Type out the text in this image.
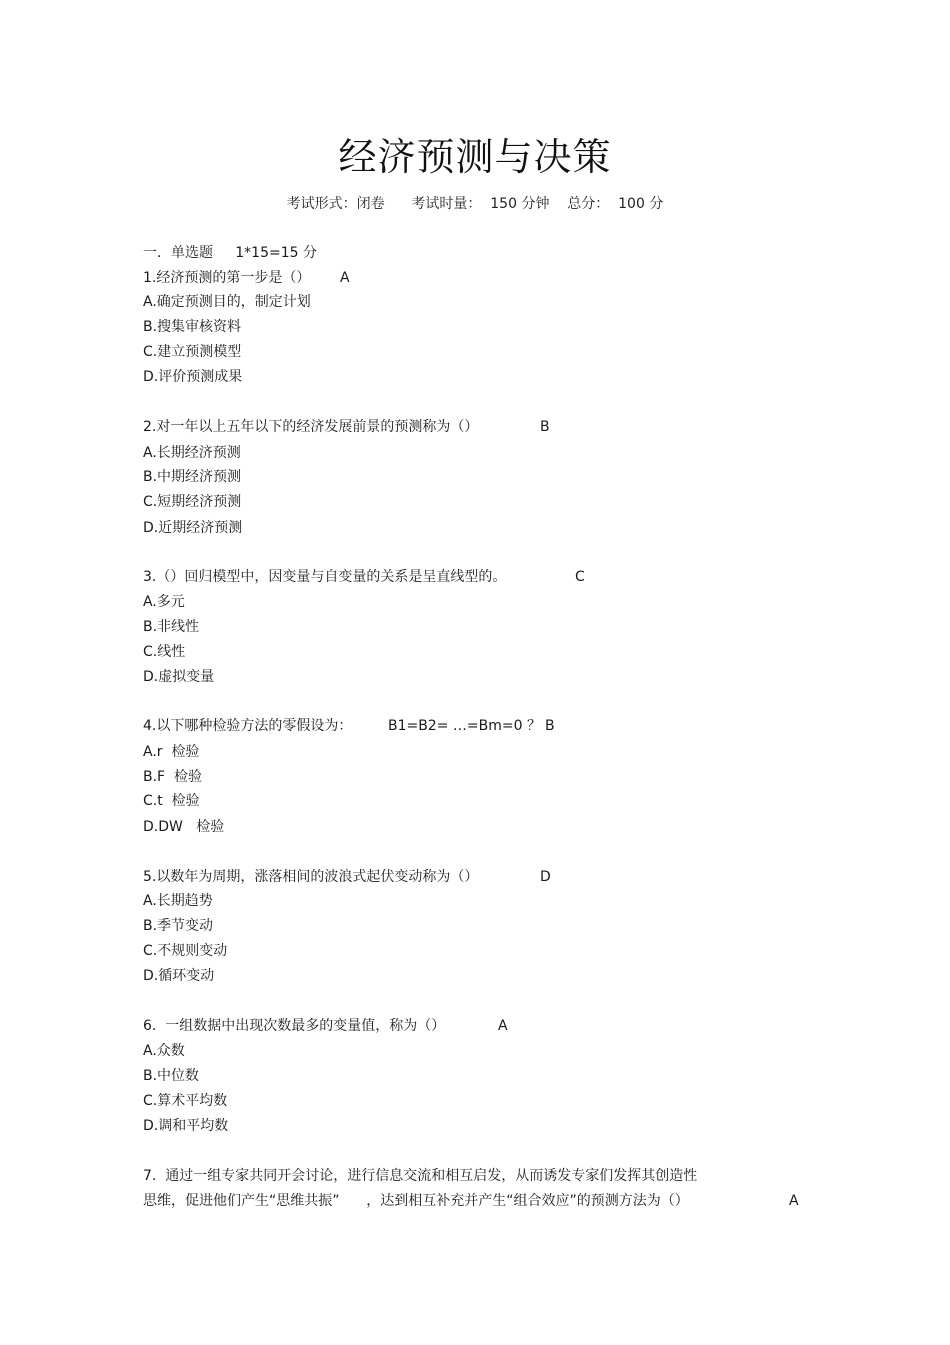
经济预测与决策
考试形式：闭卷      考试时量：  150 分钟    总分：  100 分
一．单选题     1*15=15 分
1.经济预测的第一步是（） A
A.确定预测目的，制定计划
B.搜集审核资料
C.建立预测模型
D.评价预测成果
2.对一年以上五年以下的经济发展前景的预测称为（）	B
A.长期经济预测
B.中期经济预测
C.短期经济预测
D.近期经济预测
3.（）回归模型中，因变量与自变量的关系是呈直线型的。	C
A.多元
B.非线性
C.线性
D.虚拟变量
4.以下哪种检验方法的零假设为：        B1=B2= …=Bm=0 ？ B
A.r  检验
B.F  检验
C.t  检验
D.DW   检验
5.以数年为周期，涨落相间的波浪式起伏变动称为（）	D
A.长期趋势
B.季节变动
C.不规则变动
D.循环变动
6.  一组数据中出现次数最多的变量值，称为（）	A
A.众数
B.中位数
C.算术平均数
D.调和平均数
7.  通过一组专家共同开会讨论，进行信息交流和相互启发，从而诱发专家们发挥其创造性
思维，促进他们产生“思维共振”      ，达到相互补充并产生“组合效应”的预测方法为（）	A
